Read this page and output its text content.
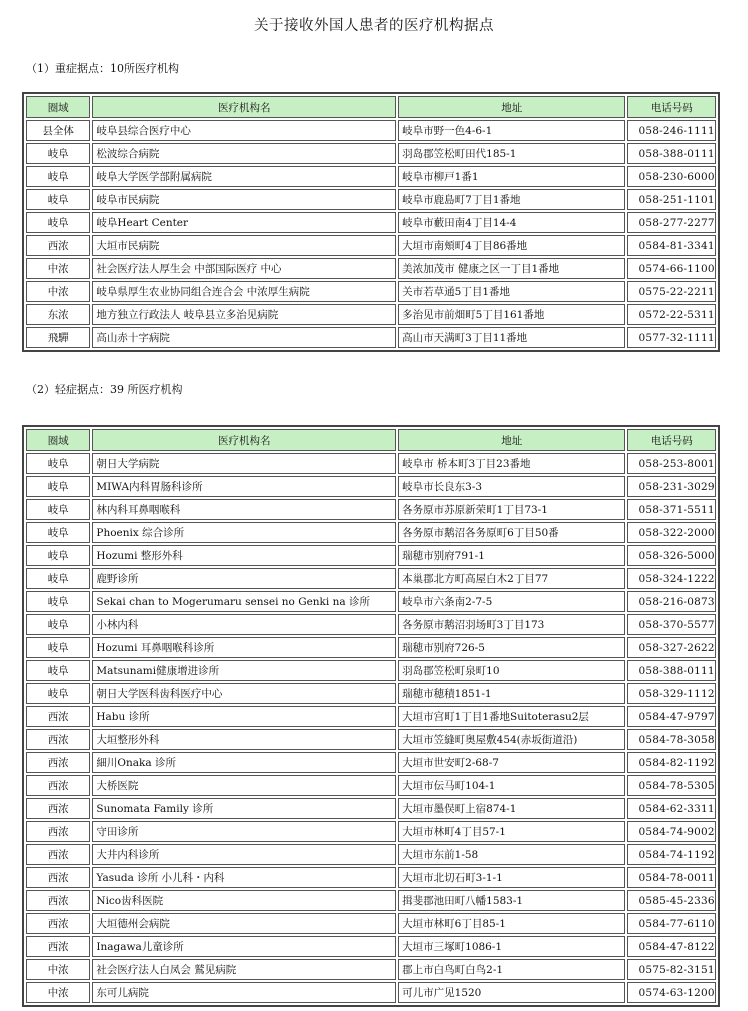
关于接收外国人患者的医疗机构据点
（1）重症据点：10所医疗机构
圈域	医疗机构名	地址	电话号码
县全体	岐阜县综合医疗中心	岐阜市野一色4-6-1	058-246-1111
岐阜	松波综合病院	羽岛郡笠松町田代185-1	058-388-0111
岐阜	岐阜大学医学部附属病院	岐阜市柳戸1番1	058-230-6000
岐阜	岐阜市民病院	岐阜市鹿島町7丁目1番地	058-251-1101
岐阜	岐阜Heart Center	岐阜市藪田南4丁目14-4	058-277-2277
西浓	大垣市民病院	大垣市南頬町4丁目86番地	0584-81-3341
中浓	社会医疗法人厚生会 中部国际医疗 中心	美浓加茂市 健康之区一丁目1番地	0574-66-1100
中浓	岐阜県厚生农业协同组合连合会 中浓厚生病院	关市若草通5丁目1番地	0575-22-2211
东浓	地方独立行政法人 岐阜县立多治见病院	多治见市前畑町5丁目161番地	0572-22-5311
飛驒	高山赤十字病院	高山市天满町3丁目11番地	0577-32-1111
（2）轻症据点：39 所医疗机构
圈域	医疗机构名	地址	电话号码
岐阜	朝日大学病院	岐阜市 桥本町3丁目23番地	058-253-8001
岐阜	MIWA内科胃肠科诊所	岐阜市长良东3-3	058-231-3029
岐阜	林内科耳鼻咽喉科	各务原市苏原新荣町1丁目73-1	058-371-5511
岐阜	Phoenix 综合诊所	各务原市鹅沼各务原町6丁目50番	058-322-2000
岐阜	Hozumi 整形外科	瑞穂市别府791-1	058-326-5000
岐阜	鹿野诊所	本巢郡北方町高屋白木2丁目77	058-324-1222
岐阜	Sekai chan to Mogerumaru sensei no Genki na 诊所	岐阜市六条南2-7-5	058-216-0873
岐阜	小林内科	各务原市鹅沼羽场町3丁目173	058-370-5577
岐阜	Hozumi 耳鼻咽喉科诊所	瑞穂市别府726-5	058-327-2622
岐阜	Matsunami健康增进诊所	羽岛郡笠松町泉町10	058-388-0111
岐阜	朝日大学医科齿科医疗中心	瑞穂市穂積1851-1	058-329-1112
西浓	Habu 诊所	大垣市宫町1丁目1番地Suitoterasu2层	0584-47-9797
西浓	大垣整形外科	大垣市笠縫町奥屋敷454(赤坂街道沿)	0584-78-3058
西浓	細川Onaka 诊所	大垣市世安町2-68-7	0584-82-1192
西浓	大桥医院	大垣市伝马町104-1	0584-78-5305
西浓	Sunomata Family 诊所	大垣市墨俣町上宿874-1	0584-62-3311
西浓	守田诊所	大垣市林町4丁目57-1	0584-74-9002
西浓	大井内科诊所	大垣市东前1-58	0584-74-1192
西浓	Yasuda 诊所 小儿科・内科	大垣市北切石町3-1-1	0584-78-0011
西浓	Nico齿科医院	揖斐郡池田町八幡1583-1	0585-45-2336
西浓	大垣德州会病院	大垣市林町6丁目85-1	0584-77-6110
西浓	Inagawa儿童诊所	大垣市三塚町1086-1	0584-47-8122
中浓	社会医疗法人白凤会 鷲见病院	郡上市白鸟町白鸟2-1	0575-82-3151
中浓	东可儿病院	可儿市广见1520	0574-63-1200
